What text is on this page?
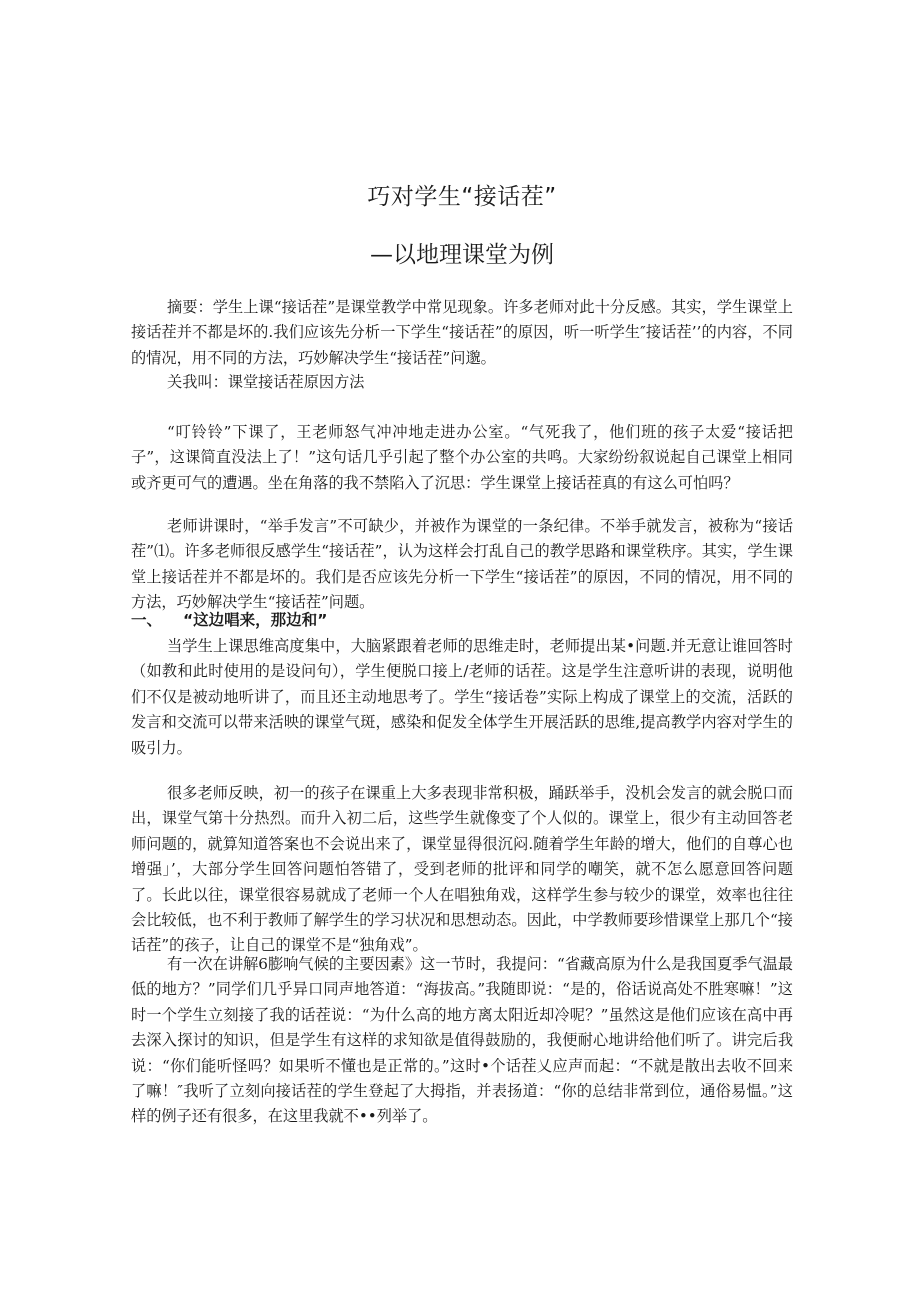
巧对学生“接话茬”
—以地理课堂为例

摘要：学生上课“接话茬”是课堂教学中常见现象。许多老师对此十分反感。其实，学生课堂上接话茬并不都是坏的.我们应该先分析一下学生“接话茬”的原因，听一听学生″接话茬’’的内容，不同的情况，用不同的方法，巧妙解决学生“接话茬”问邈。

关我叫：课堂接话茬原因方法

“叮铃铃”下课了，王老师怒气冲冲地走进办公室。“气死我了，他们班的孩子太爱“接话把子”，这课简直没法上了！”这句话几乎引起了整个办公室的共鸣。大家纷纷叙说起自己课堂上相同或齐更可气的遭遇。坐在角落的我不禁陷入了沉思：学生课堂上接话茬真的有这么可怕吗？

老师讲课时，“举手发言”不可缺少，并被作为课堂的一条纪律。不举手就发言，被称为“接话茬”⑴。许多老师很反感学生“接话茬”，认为这样会打乱自己的教学思路和课堂秩序。其实，学生课堂上接话茬并不都是坏的。我们是否应该先分析一下学生“接话茬”的原因，不同的情况，用不同的方法，巧妙解决学生“接话茬”问题。

一、 “这边唱来，那边和”

当学生上课思维高度集中，大脑紧跟着老师的思维走时，老师提出某•问题.并无意让谁回答时（如教和此时使用的是设问句），学生便脱口接上/老师的话茬。这是学生注意听讲的表现，说明他们不仅是被动地听讲了，而且还主动地思考了。学生“接话卷”实际上构成了课堂上的交流，活跃的发言和交流可以带来活映的课堂气斑，感染和促发全体学生开展活跃的思维,提高教学内容对学生的吸引力。

很多老师反映，初一的孩子在课重上大多表现非常积极，踊跃举手，没机会发言的就会脱口而出，课堂气第十分热烈。而升入初二后，这些学生就像变了个人似的。课堂上，很少有主动回答老师问题的，就算知道答案也不会说出来了，课堂显得很沉闷.随着学生年龄的增大，他们的自尊心也增强」’，大部分学生回答问题怕答错了，受到老师的批评和同学的嘲笑，就不怎么愿意回答问题了。长此以往，课堂很容易就成了老师一个人在唱独角戏，这样学生参与较少的课堂，效率也往往会比较低，也不利于教师了解学生的学习状况和思想动态。因此，中学教师要珍惜课堂上那几个“接话茬”的孩子，让自己的课堂不是“独角戏”。

有一次在讲解6膨响气候的主要因素》这一节时，我提问：“省藏高原为什么是我国夏季气温最低的地方？”同学们几乎异口同声地答道：“海拔高。”我随即说：“是的，俗话说高处不胜寒嘛！”这时一个学生立刻接了我的话茬说：“为什么高的地方离太阳近却冷呢？”虽然这是他们应该在高中再去深入探讨的知识，但是学生有这样的求知欲是值得鼓励的，我便耐心地讲给他们听了。讲完后我说：“你们能听怪吗？如果听不懂也是正常的。”这时•个话茬乂应声而起：“不就是散出去收不回来了嘛！″我听了立刻向接话茬的学生登起了大拇指，并表扬道：“你的总结非常到位，通俗易愠。”这样的例子还有很多，在这里我就不••列举了。
